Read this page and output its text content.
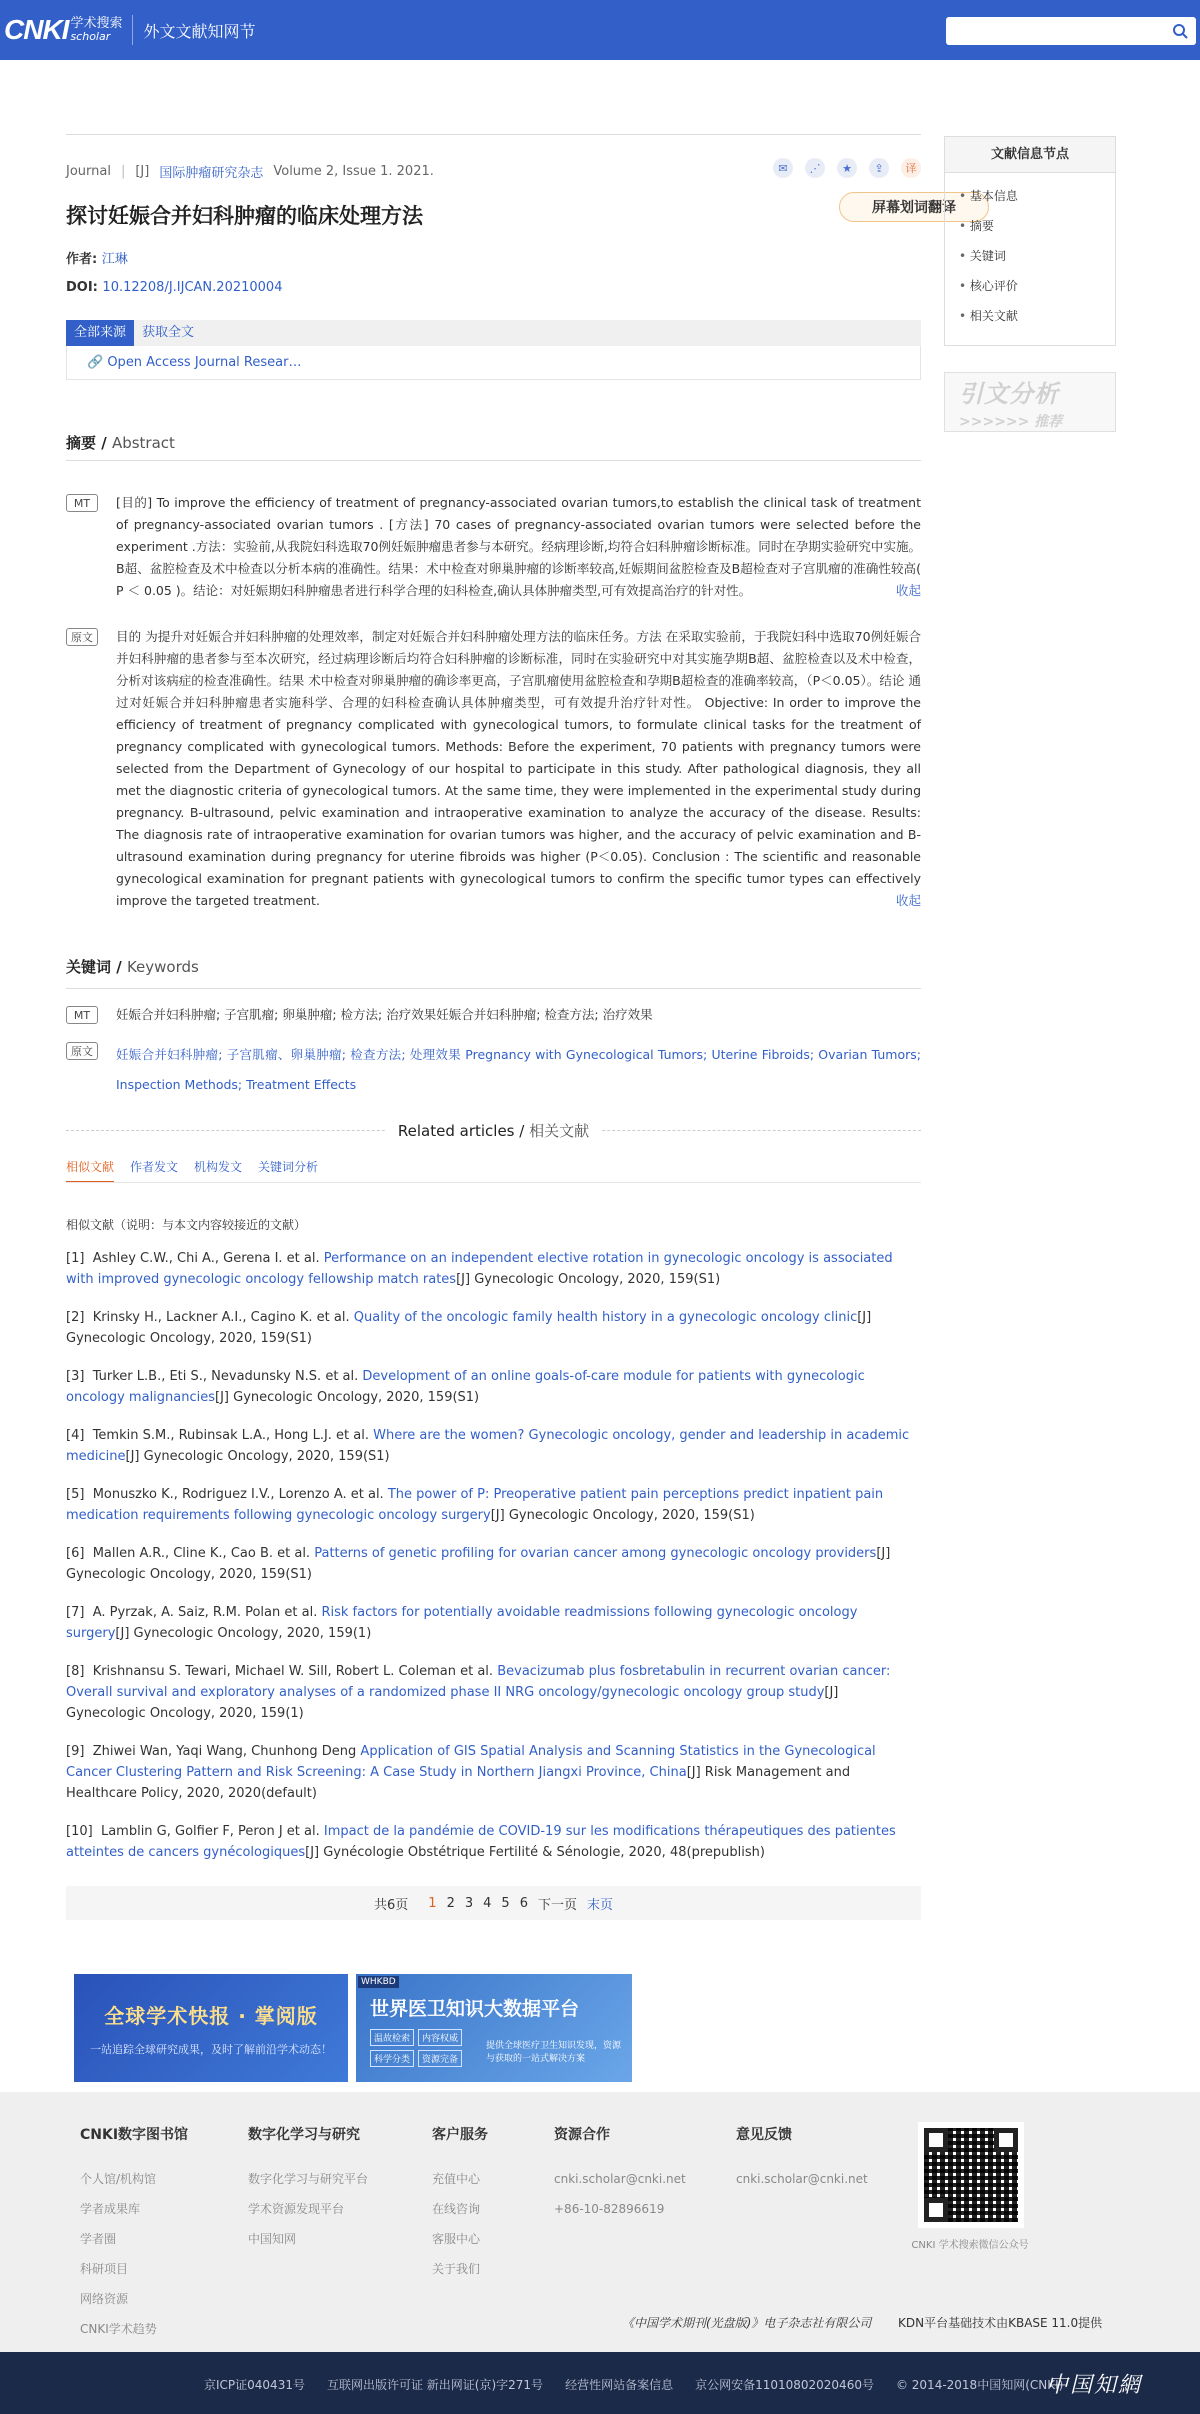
CNKI 学术搜索
scholar	外文文献知网节
Journal | [J] 国际肿瘤研究杂志 Volume 2, Issue 1. 2021.	✉	⋰	★	⇪	译
屏幕划词翻译
探讨妊娠合并妇科肿瘤的临床处理方法
作者: 江琳
DOI: 10.12208/J.IJCAN.20210004
全部来源	获取全文
🔗 Open Access Journal Resear…
摘要 / Abstract
MT	[目的] To improve the efficiency of treatment of pregnancy-associated ovarian tumors,to establish the clinical task of treatment of pregnancy-associated ovarian tumors . [方法] 70 cases of pregnancy-associated ovarian tumors were selected before the experiment .方法：实验前,从我院妇科选取70例妊娠肿瘤患者参与本研究。经病理诊断,均符合妇科肿瘤诊断标准。同时在孕期实验研究中实施。B超、盆腔检查及术中检查以分析本病的准确性。结果：术中检查对卵巢肿瘤的诊断率较高,妊娠期间盆腔检查及B超检查对子宫肌瘤的准确性较高( P ＜ 0.05 )。结论：对妊娠期妇科肿瘤患者进行科学合理的妇科检查,确认具体肿瘤类型,可有效提高治疗的针对性。	收起
原文	目的 为提升对妊娠合并妇科肿瘤的处理效率，制定对妊娠合并妇科肿瘤处理方法的临床任务。方法 在采取实验前，于我院妇科中选取70例妊娠合并妇科肿瘤的患者参与至本次研究，经过病理诊断后均符合妇科肿瘤的诊断标准，同时在实验研究中对其实施孕期B超、盆腔检查以及术中检查，分析对该病症的检查准确性。结果 术中检查对卵巢肿瘤的确诊率更高，子宫肌瘤使用盆腔检查和孕期B超检查的准确率较高，（P＜0.05）。结论 通过对妊娠合并妇科肿瘤患者实施科学、合理的妇科检查确认具体肿瘤类型，可有效提升治疗针对性。 Objective: In order to improve the efficiency of treatment of pregnancy complicated with gynecological tumors, to formulate clinical tasks for the treatment of pregnancy complicated with gynecological tumors. Methods: Before the experiment, 70 patients with pregnancy tumors were selected from the Department of Gynecology of our hospital to participate in this study. After pathological diagnosis, they all met the diagnostic criteria of gynecological tumors. At the same time, they were implemented in the experimental study during pregnancy. B-ultrasound, pelvic examination and intraoperative examination to analyze the accuracy of the disease. Results: The diagnosis rate of intraoperative examination for ovarian tumors was higher, and the accuracy of pelvic examination and B-ultrasound examination during pregnancy for uterine fibroids was higher (P＜0.05). Conclusion : The scientific and reasonable gynecological examination for pregnant patients with gynecological tumors to confirm the specific tumor types can effectively improve the targeted treatment.	收起
关键词 / Keywords
MT	妊娠合并妇科肿瘤; 子宫肌瘤; 卵巢肿瘤; 检方法; 治疗效果妊娠合并妇科肿瘤; 检查方法; 治疗效果
原文	妊娠合并妇科肿瘤; 子宫肌瘤、卵巢肿瘤; 检查方法; 处理效果 Pregnancy with Gynecological Tumors; Uterine Fibroids; Ovarian Tumors; Inspection Methods; Treatment Effects
Related articles / 相关文献
相似文献 作者发文 机构发文 关键词分析
相似文献（说明：与本文内容较接近的文献）
[1] Ashley C.W., Chi A., Gerena I. et al. Performance on an independent elective rotation in gynecologic oncology is associated with improved gynecologic oncology fellowship match rates[J] Gynecologic Oncology, 2020, 159(S1)
[2] Krinsky H., Lackner A.I., Cagino K. et al. Quality of the oncologic family health history in a gynecologic oncology clinic[J] Gynecologic Oncology, 2020, 159(S1)
[3] Turker L.B., Eti S., Nevadunsky N.S. et al. Development of an online goals-of-care module for patients with gynecologic oncology malignancies[J] Gynecologic Oncology, 2020, 159(S1)
[4] Temkin S.M., Rubinsak L.A., Hong L.J. et al. Where are the women? Gynecologic oncology, gender and leadership in academic medicine[J] Gynecologic Oncology, 2020, 159(S1)
[5] Monuszko K., Rodriguez I.V., Lorenzo A. et al. The power of P: Preoperative patient pain perceptions predict inpatient pain medication requirements following gynecologic oncology surgery[J] Gynecologic Oncology, 2020, 159(S1)
[6] Mallen A.R., Cline K., Cao B. et al. Patterns of genetic profiling for ovarian cancer among gynecologic oncology providers[J] Gynecologic Oncology, 2020, 159(S1)
[7] A. Pyrzak, A. Saiz, R.M. Polan et al. Risk factors for potentially avoidable readmissions following gynecologic oncology surgery[J] Gynecologic Oncology, 2020, 159(1)
[8] Krishnansu S. Tewari, Michael W. Sill, Robert L. Coleman et al. Bevacizumab plus fosbretabulin in recurrent ovarian cancer: Overall survival and exploratory analyses of a randomized phase II NRG oncology/gynecologic oncology group study[J] Gynecologic Oncology, 2020, 159(1)
[9] Zhiwei Wan, Yaqi Wang, Chunhong Deng Application of GIS Spatial Analysis and Scanning Statistics in the Gynecological Cancer Clustering Pattern and Risk Screening: A Case Study in Northern Jiangxi Province, China[J] Risk Management and Healthcare Policy, 2020, 2020(default)
[10] Lamblin G, Golfier F, Peron J et al. Impact de la pandémie de COVID-19 sur les modifications thérapeutiques des patientes atteintes de cancers gynécologiques[J] Gynécologie Obstétrique Fertilité & Sénologie, 2020, 48(prepublish)
共6页 1 2 3 4 5 6 下一页 末页
全球学术快报 · 掌阅版
一站追踪全球研究成果，及时了解前沿学术动态！
WHKBD
世界医卫知识大数据平台
温故检索	内容权威
科学分类	资源完备
提供全球医疗卫生知识发现，资源与获取的一站式解决方案
文献信息节点
• 基本信息
• 摘要
• 关键词
• 核心评价
• 相关文献
引文分析
>>>>>> 推荐
CNKI数字图书馆
个人馆/机构馆
学者成果库
学者圈
科研项目
网络资源
CNKI学术趋势
数字化学习与研究
数字化学习与研究平台
学术资源发现平台
中国知网
客户服务
充值中心
在线咨询
客服中心
关于我们
资源合作
cnki.scholar@cnki.net
+86-10-82896619
意见反馈
cnki.scholar@cnki.net
CNKI 学术搜索微信公众号
《中国学术期刊(光盘版)》电子杂志社有限公司 KDN平台基础技术由KBASE 11.0提供
京ICP证040431号 互联网出版许可证 新出网证(京)字271号 经营性网站备案信息 京公网安备11010802020460号 © 2014-2018中国知网(CNKI)
中国知網
